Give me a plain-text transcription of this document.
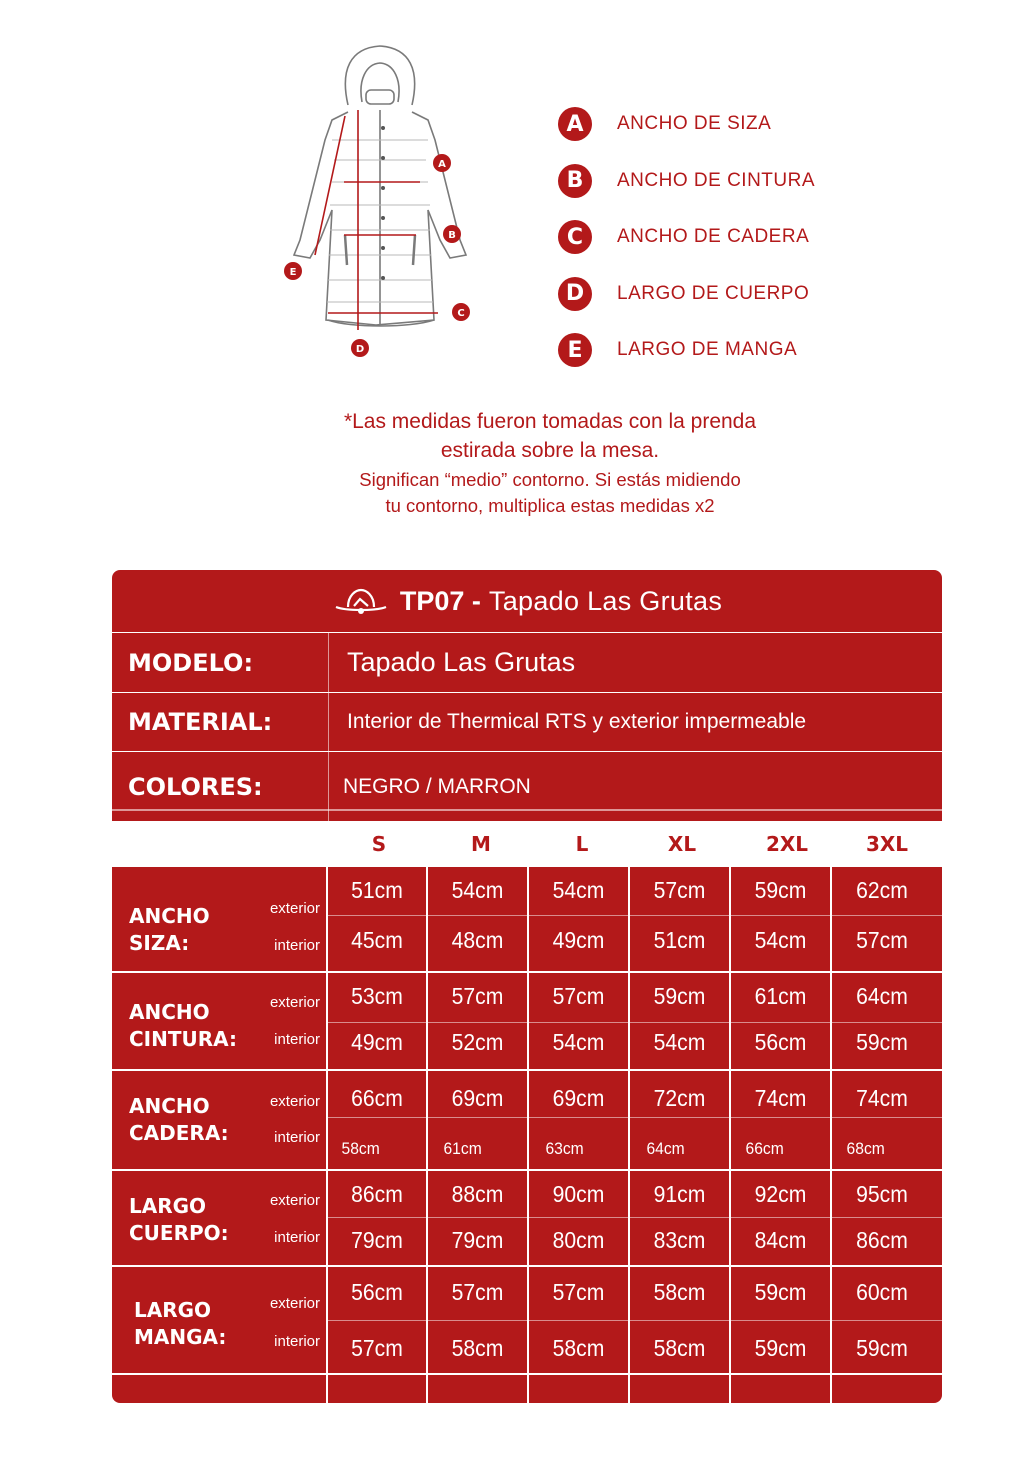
A
B
C
D
E
A	ANCHO DE SIZA
B	ANCHO DE CINTURA
C	ANCHO DE CADERA
D	LARGO DE CUERPO
E	LARGO DE MANGA
*Las medidas fueron tomadas con la prenda
estirada sobre la mesa.
Significan “medio” contorno. Si estás midiendo
tu contorno, multiplica estas medidas x2
TP07 - Tapado Las Grutas
MODELO:	Tapado Las Grutas
MATERIAL:	Interior de Thermical RTS y exterior impermeable
COLORES:	NEGRO / MARRON
S	M	L	XL	2XL	3XL
ANCHO
SIZA:
exterior
interior
51cm	54cm	54cm	57cm	59cm	62cm
45cm	48cm	49cm	51cm	54cm	57cm
ANCHO
CINTURA:
exterior
interior
53cm	57cm	57cm	59cm	61cm	64cm
49cm	52cm	54cm	54cm	56cm	59cm
ANCHO
CADERA:
exterior
interior
66cm	69cm	69cm	72cm	74cm	74cm
58cm	61cm	63cm	64cm	66cm	68cm
LARGO
CUERPO:
exterior
interior
86cm	88cm	90cm	91cm	92cm	95cm
79cm	79cm	80cm	83cm	84cm	86cm
LARGO
MANGA:
exterior
interior
56cm	57cm	57cm	58cm	59cm	60cm
57cm	58cm	58cm	58cm	59cm	59cm
